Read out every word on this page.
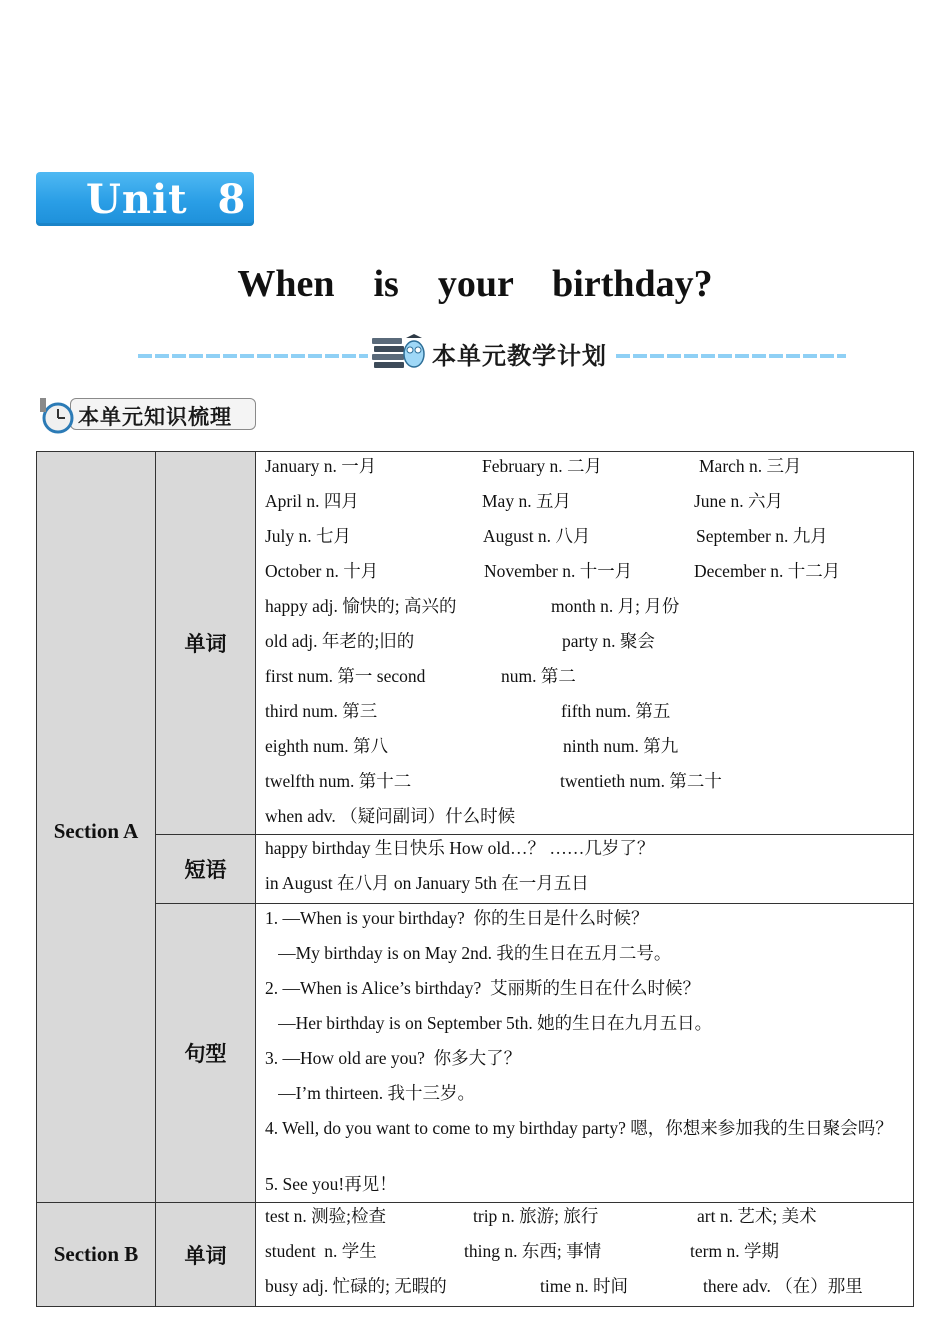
Unit  8
When  is  your  birthday?
本单元教学计划
本单元知识梳理
Section A
单词
January n. 一月	February n. 二月	March n. 三月
April n. 四月	May n. 五月	June n. 六月
July n. 七月	August n. 八月	September n. 九月
October n. 十月	November n. 十一月	December n. 十二月
happy adj. 愉快的; 高兴的	month n. 月; 月份
old adj. 年老的;旧的	party n. 聚会
first num. 第一 second	num. 第二
third num. 第三	fifth num. 第五
eighth num. 第八	ninth num. 第九
twelfth num. 第十二	twentieth num. 第二十
when adv. （疑问副词）什么时候
短语
happy birthday 生日快乐 How old…？ ……几岁了？
in August 在八月 on January 5th 在一月五日
句型
1. —When is your birthday?  你的生日是什么时候？
—My birthday is on May 2nd. 我的生日在五月二号。
2. —When is Alice’s birthday?  艾丽斯的生日在什么时候？
—Her birthday is on September 5th. 她的生日在九月五日。
3. —How old are you?  你多大了？
—I’m thirteen. 我十三岁。
4. Well, do you want to come to my birthday party? 嗯，你想来参加我的生日聚会吗？
5. See you!再见！
Section B 单词
test n. 测验;检查	trip n. 旅游; 旅行	art n. 艺术; 美术
student  n. 学生	thing n. 东西; 事情	term n. 学期
busy adj. 忙碌的; 无暇的	time n. 时间	there adv. （在）那里
